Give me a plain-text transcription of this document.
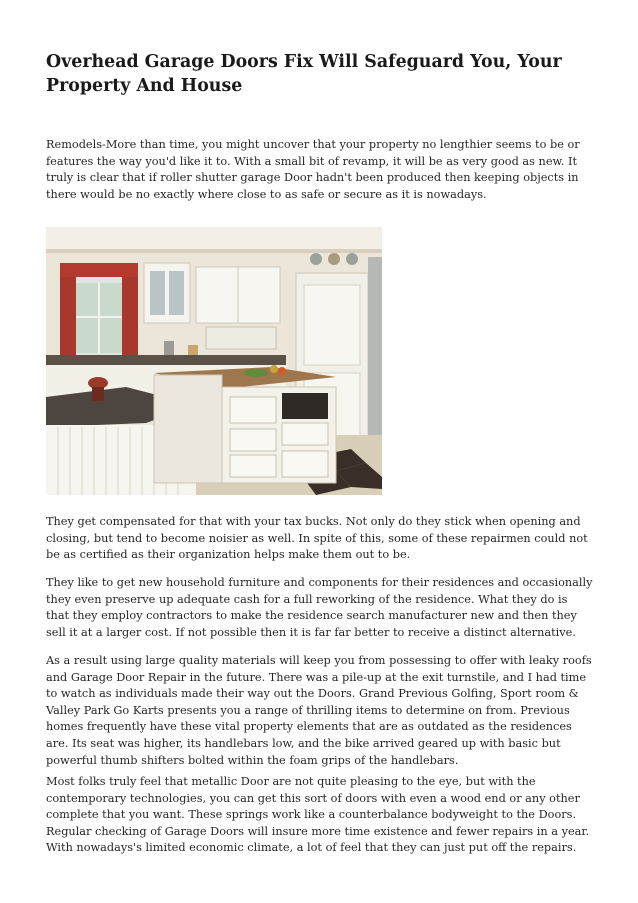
Overhead Garage Doors Fix Will Safeguard You, Your Property And House

Remodels-More than time, you might uncover that your property no lengthier seems to be or features the way you'd like it to. With a small bit of revamp, it will be as very good as new. It truly is clear that if roller shutter garage Door hadn't been produced then keeping objects in there would be no exactly where close to as safe or secure as it is nowadays.

They get compensated for that with your tax bucks. Not only do they stick when opening and closing, but tend to become noisier as well. In spite of this, some of these repairmen could not be as certified as their organization helps make them out to be.

They like to get new household furniture and components for their residences and occasionally they even preserve up adequate cash for a full reworking of the residence. What they do is that they employ contractors to make the residence search manufacturer new and then they sell it at a larger cost. If not possible then it is far far better to receive a distinct alternative.

As a result using large quality materials will keep you from possessing to offer with leaky roofs and Garage Door Repair in the future. There was a pile-up at the exit turnstile, and I had time to watch as individuals made their way out the Doors. Grand Previous Golfing, Sport room & Valley Park Go Karts presents you a range of thrilling items to determine on from. Previous homes frequently have these vital property elements that are as outdated as the residences are. Its seat was higher, its handlebars low, and the bike arrived geared up with basic but powerful thumb shifters bolted within the foam grips of the handlebars.

Most folks truly feel that metallic Door are not quite pleasing to the eye, but with the contemporary technologies, you can get this sort of doors with even a wood end or any other complete that you want. These springs work like a counterbalance bodyweight to the Doors. Regular checking of Garage Doors will insure more time existence and fewer repairs in a year. With nowadays's limited economic climate, a lot of feel that they can just put off the repairs.
